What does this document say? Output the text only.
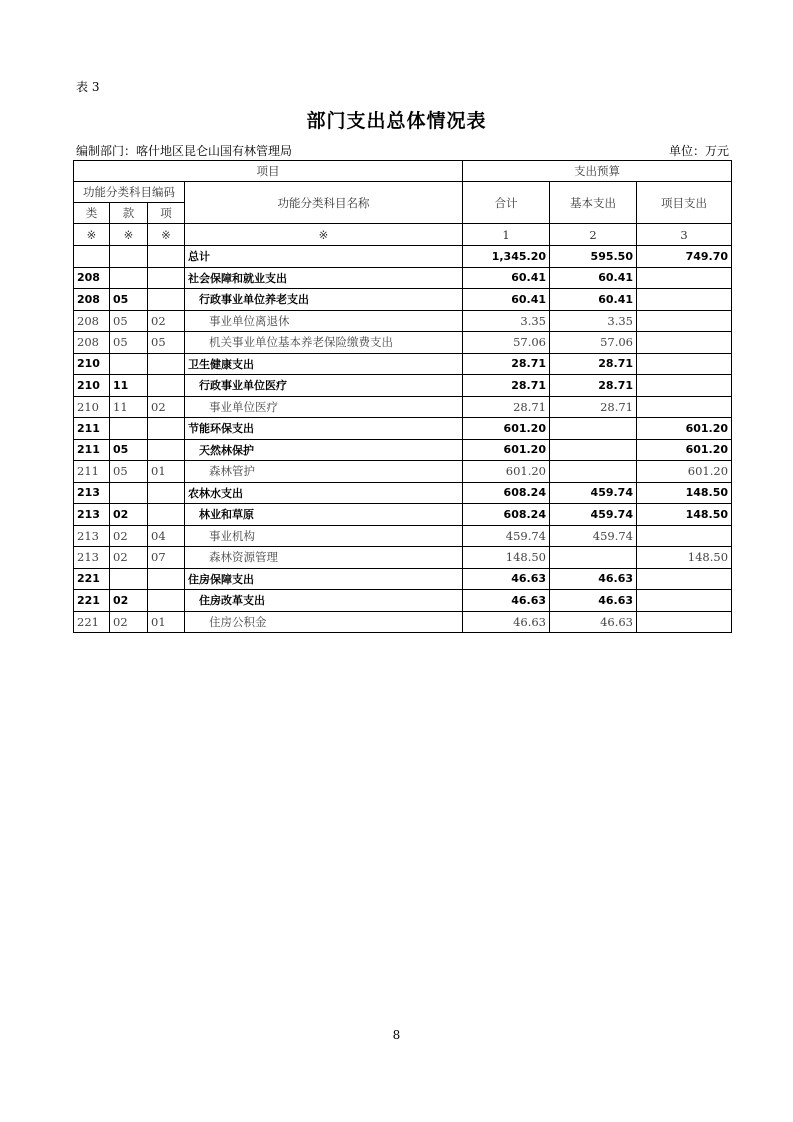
表 3
部门支出总体情况表
编制部门：喀什地区昆仑山国有林管理局	单位：万元
项目				支出预算		
功能分类科目编码			功能分类科目名称	合计	基本支出	项目支出
类	款	项				
※	※	※	※	1	2	3
			总计	1,345.20	595.50	749.70
208			社会保障和就业支出	60.41	60.41	
208	05		行政事业单位养老支出	60.41	60.41	
208	05	02	事业单位离退休	3.35	3.35	
208	05	05	机关事业单位基本养老保险缴费支出	57.06	57.06	
210			卫生健康支出	28.71	28.71	
210	11		行政事业单位医疗	28.71	28.71	
210	11	02	事业单位医疗	28.71	28.71	
211			节能环保支出	601.20		601.20
211	05		天然林保护	601.20		601.20
211	05	01	森林管护	601.20		601.20
213			农林水支出	608.24	459.74	148.50
213	02		林业和草原	608.24	459.74	148.50
213	02	04	事业机构	459.74	459.74	
213	02	07	森林资源管理	148.50		148.50
221			住房保障支出	46.63	46.63	
221	02		住房改革支出	46.63	46.63	
221	02	01	住房公积金	46.63	46.63	
8
